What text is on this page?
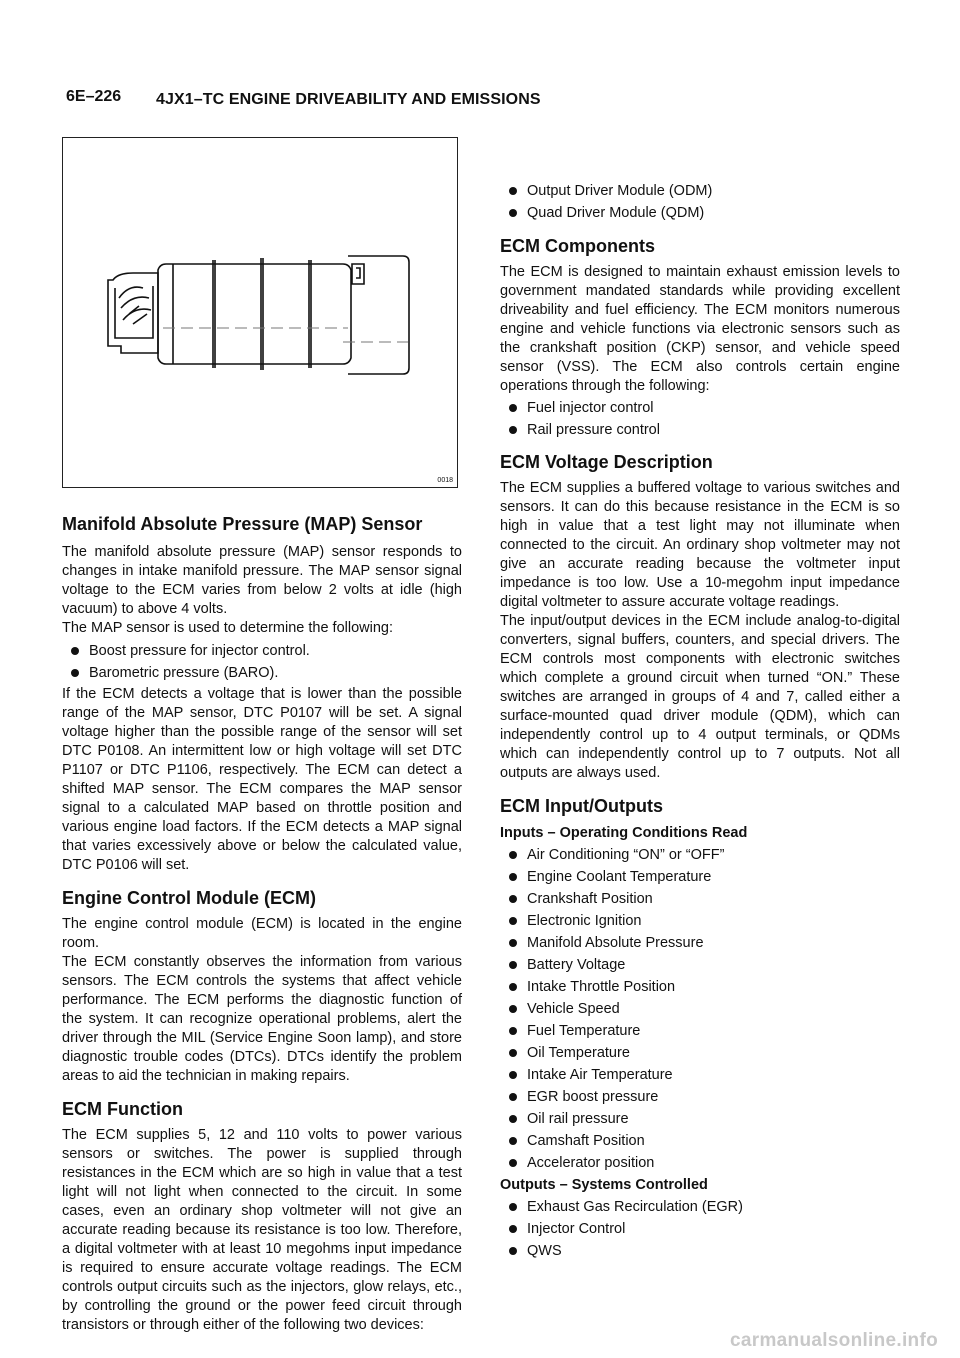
6E–226 4JX1–TC ENGINE DRIVEABILITY AND EMISSIONS
0018
Manifold Absolute Pressure (MAP) Sensor

The manifold absolute pressure (MAP) sensor responds to changes in intake manifold pressure. The MAP sensor signal voltage to the ECM varies from below 2 volts at idle (high vacuum) to above 4 volts.

The MAP sensor is used to determine the following:

Boost pressure for injector control.
Barometric pressure (BARO).

If the ECM detects a voltage that is lower than the possible range of the MAP sensor, DTC P0107 will be set. A signal voltage higher than the possible range of the sensor will set DTC P0108. An intermittent low or high voltage will set DTC P1107 or DTC P1106, respectively. The ECM can detect a shifted MAP sensor. The ECM compares the MAP sensor signal to a calculated MAP based on throttle position and various engine load factors. If the ECM detects a MAP signal that varies excessively above or below the calculated value, DTC P0106 will set.

Engine Control Module (ECM)

The engine control module (ECM) is located in the engine room.

The ECM constantly observes the information from various sensors. The ECM controls the systems that affect vehicle performance. The ECM performs the diagnostic function of the system. It can recognize operational problems, alert the driver through the MIL (Service Engine Soon lamp), and store diagnostic trouble codes (DTCs). DTCs identify the problem areas to aid the technician in making repairs.

ECM Function

The ECM supplies 5, 12 and 110 volts to power various sensors or switches. The power is supplied through resistances in the ECM which are so high in value that a test light will not light when connected to the circuit. In some cases, even an ordinary shop voltmeter will not give an accurate reading because its resistance is too low. Therefore, a digital voltmeter with at least 10 megohms input impedance is required to ensure accurate voltage readings. The ECM controls output circuits such as the injectors, glow relays, etc., by controlling the ground or the power feed circuit through transistors or through either of the following two devices:

Output Driver Module (ODM)
Quad Driver Module (QDM)
ECM Components

The ECM is designed to maintain exhaust emission levels to government mandated standards while providing excellent driveability and fuel efficiency. The ECM monitors numerous engine and vehicle functions via electronic sensors such as the crankshaft position (CKP) sensor, and vehicle speed sensor (VSS). The ECM also controls certain engine operations through the following:

Fuel injector control
Rail pressure control
ECM Voltage Description

The ECM supplies a buffered voltage to various switches and sensors. It can do this because resistance in the ECM is so high in value that a test light may not illuminate when connected to the circuit. An ordinary shop voltmeter may not give an accurate reading because the voltmeter input impedance is too low. Use a 10-megohm input impedance digital voltmeter to assure accurate voltage readings.

The input/output devices in the ECM include analog-to-digital converters, signal buffers, counters, and special drivers. The ECM controls most components with electronic switches which complete a ground circuit when turned “ON.” These switches are arranged in groups of 4 and 7, called either a surface-mounted quad driver module (QDM), which can independently control up to 4 output terminals, or QDMs which can independently control up to 7 outputs. Not all outputs are always used.

ECM Input/Outputs
Inputs – Operating Conditions Read
Air Conditioning “ON” or “OFF”
Engine Coolant Temperature
Crankshaft Position
Electronic Ignition
Manifold Absolute Pressure
Battery Voltage
Intake Throttle Position
Vehicle Speed
Fuel Temperature
Oil Temperature
Intake Air Temperature
EGR boost pressure
Oil rail pressure
Camshaft Position
Accelerator position
Outputs – Systems Controlled
Exhaust Gas Recirculation (EGR)
Injector Control
QWS
carmanualsonline.info
